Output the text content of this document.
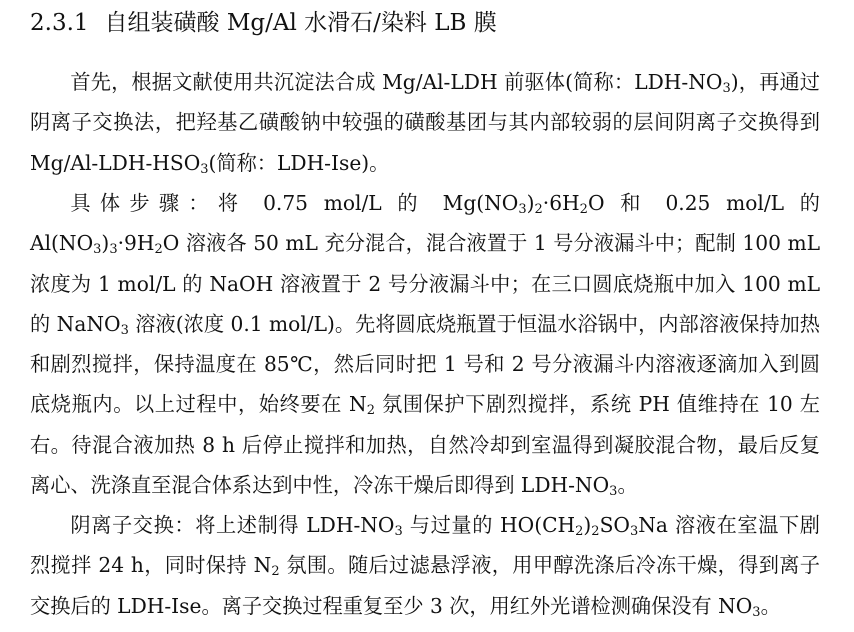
2.3.1 自组装磺酸 Mg/Al 水滑石/染料 LB 膜

首先，根据文献使用共沉淀法合成 Mg/Al-LDH 前驱体(简称：LDH-$NO_3$)，再通过阴离子交换法，把羟基乙磺酸钠中较强的磺酸基团与其内部较弱的层间阴离子交换得到 $Mg/Al-LDH-HSO_3$(简称：LDH-Ise)。

具体步骤：将 0.75 mol/L 的 $Mg(NO_3)_2\cdot 6H_2O$ 和 0.25 mol/L 的 $Al(NO_3)_3\cdot 9H_2O$ 溶液各 50 mL 充分混合，混合液置于 1 号分液漏斗中；配制 100 mL 浓度为 1 mol/L 的 NaOH 溶液置于 2 号分液漏斗中；在三口圆底烧瓶中加入 100 mL 的 NaNO$_3$ 溶液(浓度 0.1 mol/L)。先将圆底烧瓶置于恒温水浴锅中，内部溶液保持加热和剧烈搅拌，保持温度在 85℃，然后同时把 1 号和 2 号分液漏斗内溶液逐滴加入到圆底烧瓶内。以上过程中，始终要在 $N_2$ 氛围保护下剧烈搅拌，系统 PH 值维持在 10 左右。待混合液加热 8 h 后停止搅拌和加热，自然冷却到室温得到凝胶混合物，最后反复离心、洗涤直至混合体系达到中性，冷冻干燥后即得到 LDH-$NO_3$。

阴离子交换：将上述制得 LDH-$NO_3$ 与过量的 $HO(CH_2)_2SO_3Na$ 溶液在室温下剧烈搅拌 24 h，同时保持 $N_2$ 氛围。随后过滤悬浮液，用甲醇洗涤后冷冻干燥，得到离子交换后的 LDH-Ise。离子交换过程重复至少 3 次，用红外光谱检测确保没有 $NO_3$。
